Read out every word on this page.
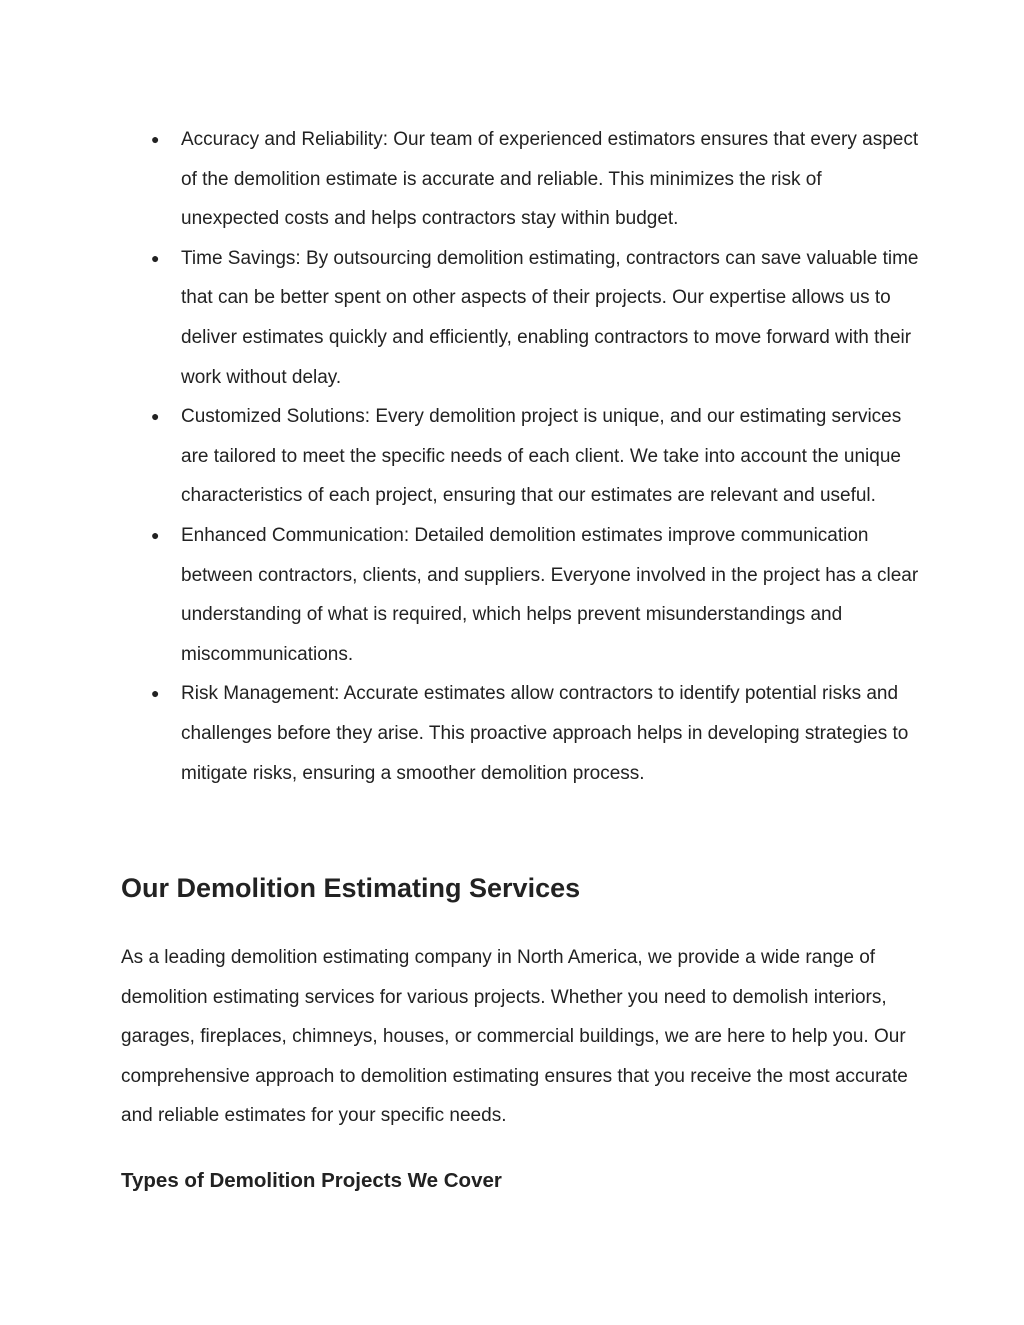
● Accuracy and Reliability: Our team of experienced estimators ensures that every aspect of the demolition estimate is accurate and reliable. This minimizes the risk of unexpected costs and helps contractors stay within budget.
● Time Savings: By outsourcing demolition estimating, contractors can save valuable time that can be better spent on other aspects of their projects. Our expertise allows us to deliver estimates quickly and efficiently, enabling contractors to move forward with their work without delay.
● Customized Solutions: Every demolition project is unique, and our estimating services are tailored to meet the specific needs of each client. We take into account the unique characteristics of each project, ensuring that our estimates are relevant and useful.
● Enhanced Communication: Detailed demolition estimates improve communication between contractors, clients, and suppliers. Everyone involved in the project has a clear understanding of what is required, which helps prevent misunderstandings and miscommunications.
● Risk Management: Accurate estimates allow contractors to identify potential risks and challenges before they arise. This proactive approach helps in developing strategies to mitigate risks, ensuring a smoother demolition process.
Our Demolition Estimating Services

As a leading demolition estimating company in North America, we provide a wide range of demolition estimating services for various projects. Whether you need to demolish interiors, garages, fireplaces, chimneys, houses, or commercial buildings, we are here to help you. Our comprehensive approach to demolition estimating ensures that you receive the most accurate and reliable estimates for your specific needs.

Types of Demolition Projects We Cover
